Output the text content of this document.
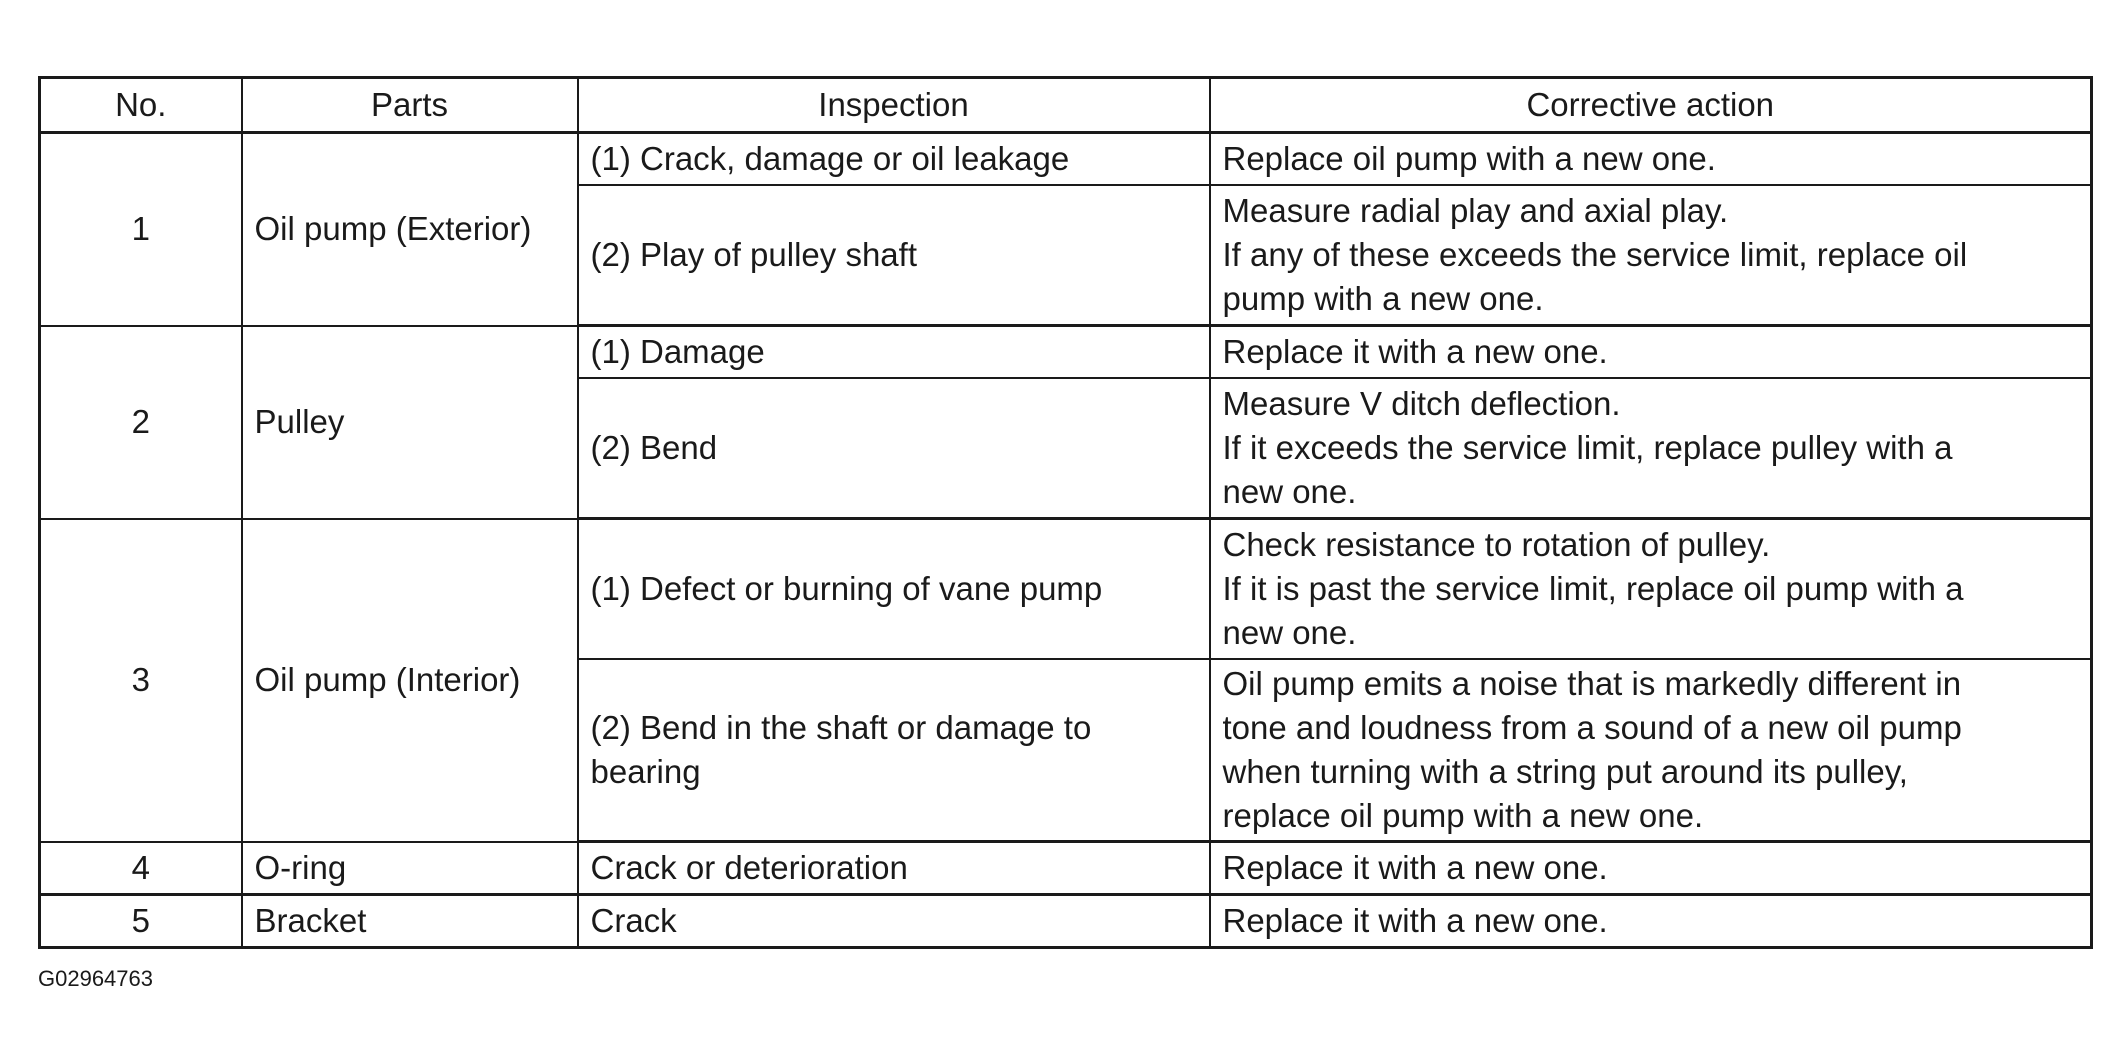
No.	Parts	Inspection	Corrective action
1	Oil pump (Exterior)	(1) Crack, damage or oil leakage	Replace oil pump with a new one.

		(2) Play of pulley shaft	Measure radial play and axial play.
If any of these exceeds the service limit, replace oil
pump with a new one.

2	Pulley	(1) Damage	Replace it with a new one.

		(2) Bend	Measure V ditch deflection.
If it exceeds the service limit, replace pulley with a
new one.

3	Oil pump (Interior)	(1) Defect or burning of vane pump	Check resistance to rotation of pulley.
If it is past the service limit, replace oil pump with a
new one.

		(2) Bend in the shaft or damage to
bearing	Oil pump emits a noise that is markedly different in
tone and loudness from a sound of a new oil pump
when turning with a string put around its pulley,
replace oil pump with a new one.

4	O-ring	Crack or deterioration	Replace it with a new one.

5	Bracket	Crack	Replace it with a new one.
G02964763
